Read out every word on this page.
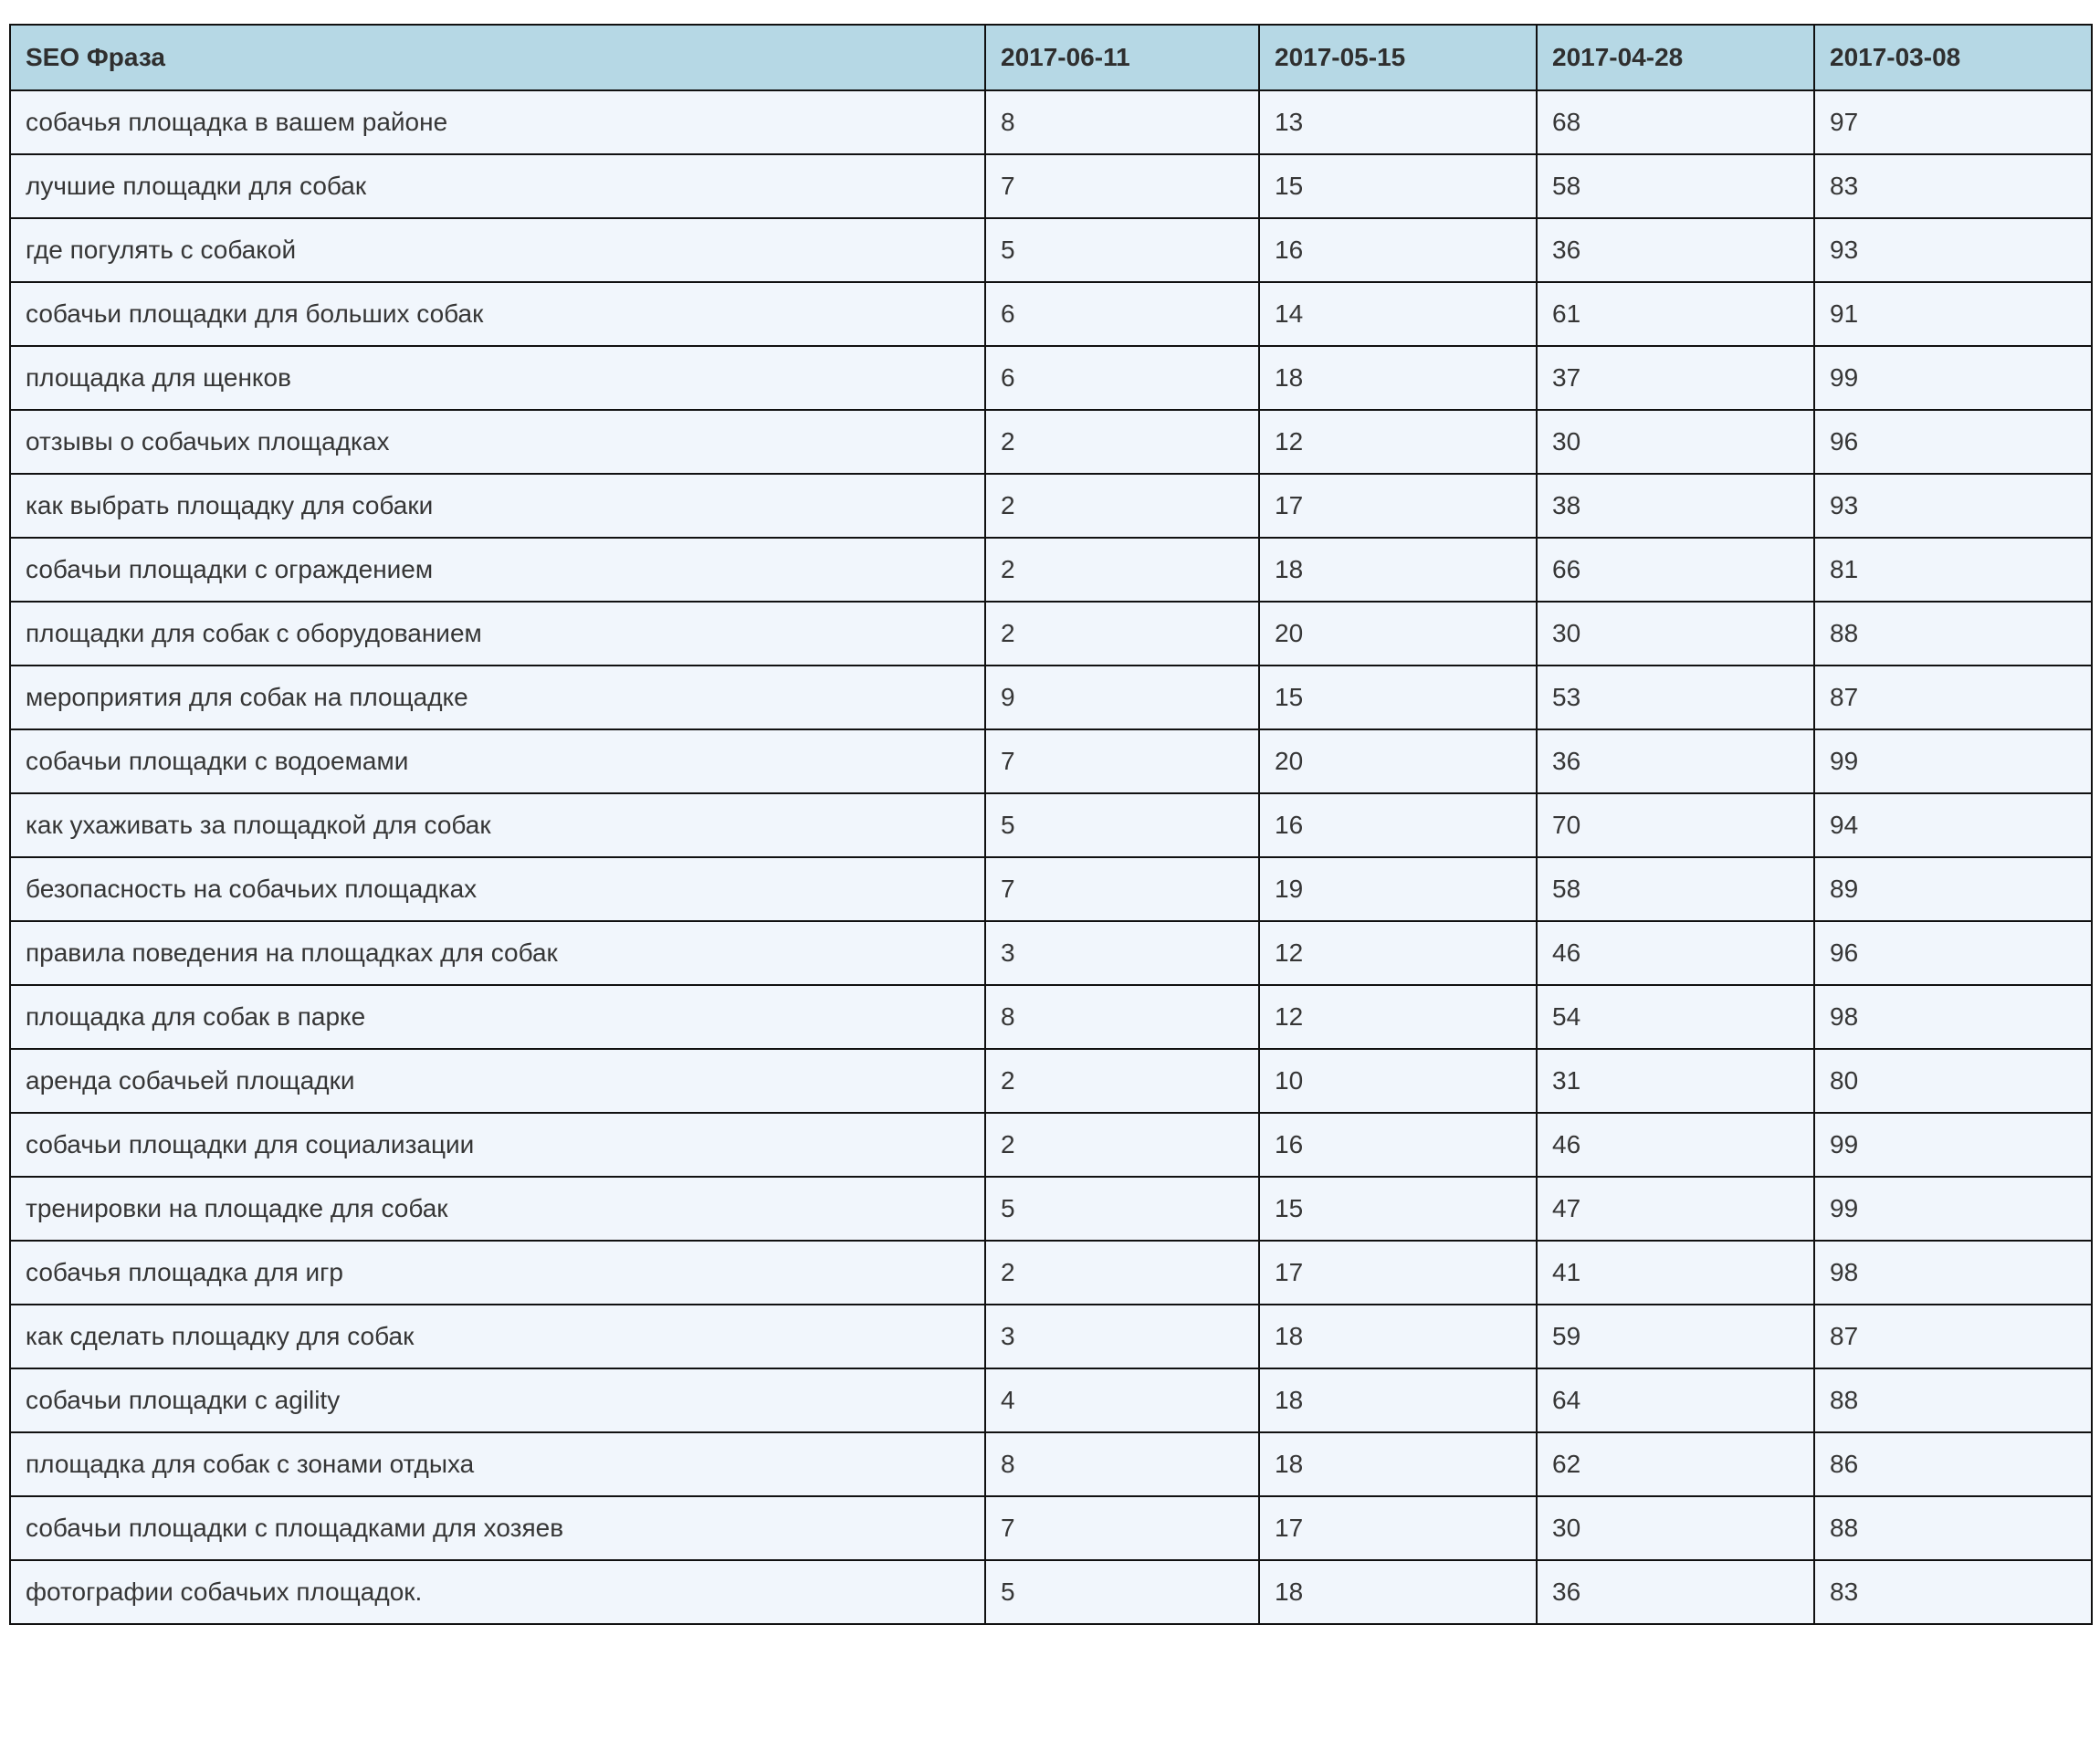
SEO Фраза	2017-06-11	2017-05-15	2017-04-28	2017-03-08
собачья площадка в вашем районе	8	13	68	97
лучшие площадки для собак	7	15	58	83
где погулять с собакой	5	16	36	93
собачьи площадки для больших собак	6	14	61	91
площадка для щенков	6	18	37	99
отзывы о собачьих площадках	2	12	30	96
как выбрать площадку для собаки	2	17	38	93
собачьи площадки с ограждением	2	18	66	81
площадки для собак с оборудованием	2	20	30	88
мероприятия для собак на площадке	9	15	53	87
собачьи площадки с водоемами	7	20	36	99
как ухаживать за площадкой для собак	5	16	70	94
безопасность на собачьих площадках	7	19	58	89
правила поведения на площадках для собак	3	12	46	96
площадка для собак в парке	8	12	54	98
аренда собачьей площадки	2	10	31	80
собачьи площадки для социализации	2	16	46	99
тренировки на площадке для собак	5	15	47	99
собачья площадка для игр	2	17	41	98
как сделать площадку для собак	3	18	59	87
собачьи площадки с agility	4	18	64	88
площадка для собак с зонами отдыха	8	18	62	86
собачьи площадки с площадками для хозяев	7	17	30	88
фотографии собачьих площадок.	5	18	36	83
